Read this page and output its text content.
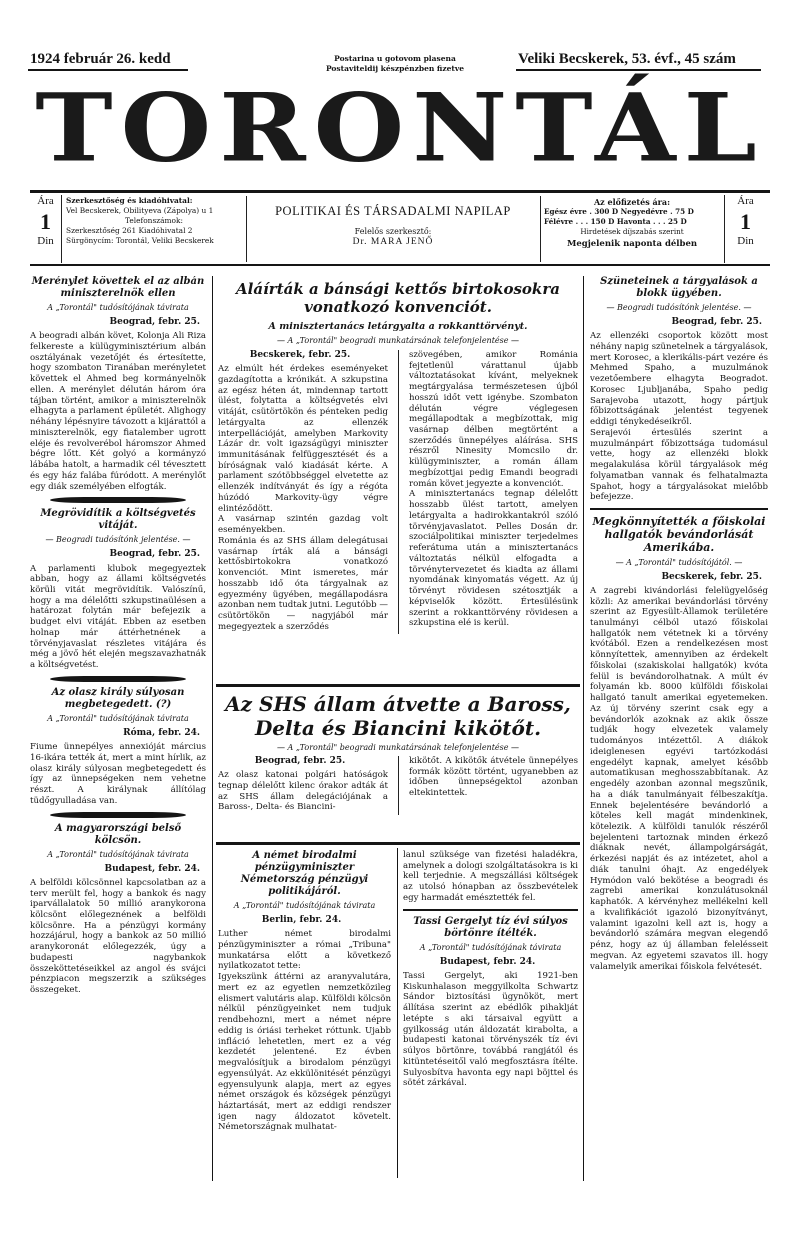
1924 február 26. kedd	Postarina u gotovom plasena
Postaviteldij készpénzben fizetve
Veliki Becskerek, 53. évf., 45 szám
TORONTÁL
Ára
1
Din
Szerkesztőség és kiadóhivatal:
Vel Becskerek, Obilityeva (Zápolya) u 1
Telefonszámok:
Szerkesztőség 261 Kiadóhivatal 2
Sürgönycím: Torontál, Veliki Becskerek
POLITIKAI ÉS TÁRSADALMI NAPILAP
Felelős szerkesztő:
Dr. MARA JENŐ
Az előfizetés ára:
Egész évre . 300 D Negyedévre . 75 D
Félévre . . . 150 D Havonta . . . 25 D
Hirdetések díjszabás szerint
Megjelenik naponta délben
Ára
1
Din
Merénylet követtek el az albán miniszterelnök ellen
A „Torontál" tudósítójának távirata
Beograd, febr. 25.

A beogradi albán követ, Kolonja Ali Riza felkereste a külügyminisztérium albán osztályának vezetőjét és értesítette, hogy szombaton Tiranában merényletet követtek el Ahmed beg kormányelnök ellen. A merénylet délután három óra tájban történt, amikor a miniszterelnök elhagyta a parlament épületét. Alighogy néhány lépésnyire távozott a kijárattól a miniszterelnök, egy fiatalember ugrott eléje és revolverébol háromszor Ahmed bégre lőtt. Két golyó a kormányzó lábába hatolt, a harmadik cél tévesztett és egy ház falába fúródott. A merénylőt egy diák személyében elfogták.

Megrövidítik a költségvetés vitáját.
— Beogradi tudósítónk jelentése. —
Beograd, febr. 25.

A parlamenti klubok megegyeztek abban, hogy az állami költségvetés körüli vitát megrövidítik. Valószínű, hogy a ma délelőtti szkupstinaülésen a határozat folytán már befejezik a budget elvi vitáját. Ebben az esetben holnap már áttérhetnének a törvényjavaslat részletes vitájára és még a jövő hét elején megszavazhatnák a költségvetést.

Az olasz király súlyosan megbetegedett. (?)
A „Torontál" tudósítójának távirata
Róma, febr. 24.

Fiume ünnepélyes annexióját március 16-ikára tették át, mert a mint hírlik, az olasz király súlyosan megbetegedett és így az ünnepségeken nem vehetne részt. A királynak állítólag tüdőgyulladása van.

A magyarországi belső kölcsön.
A „Torontál" tudósítójának távirata
Budapest, febr. 24.

A belföldi kölcsönnel kapcsolatban az a terv merült fel, hogy a bankok és nagy iparvállalatok 50 millió aranykorona kölcsönt előlegeznének a belföldi kölcsönre. Ha a pénzügyi kormány hozzájárul, hogy a bankok az 50 millió aranykoronát előlegezzék, úgy a budapesti nagybankok összeköttetéseikkel az angol és svájci pénzpiacon megszerzik a szükséges összegeket.

Aláírták a bánsági kettős birtokosokra vonatkozó konvenciót.
A minisztertanács letárgyalta a rokkanttörvényt.
— A „Torontál" beogradi munkatársának telefonjelentése —
Becskerek, febr. 25.

Az elmúlt hét érdekes eseményeket gazdagította a krónikát. A szkupstina az egész héten át, mindennap tartott ülést, folytatta a költségvetés elvi vitáját, csütörtökön és pénteken pedig letárgyalta az ellenzék interpellációját, amelyben Markovity Lázár dr. volt igazságügyi miniszter immunitásának felfüggesztését és a bíróságnak való kiadását kérte. A parlament szótöbbséggel elvetette az ellenzék indítványát és így a régóta húzódó Markovity-ügy végre elintéződött.
A vasárnap szintén gazdag volt eseményekben.
Románia és az SHS állam delegátusai vasárnap írták alá a bánsági kettősbirtokokra vonatkozó konvenciót. Mint ismeretes, már hosszabb idő óta tárgyalnak az egyezmény ügyében, megállapodásra azonban nem tudtak jutni. Legutóbb — csütörtökön — nagyjából már megegyeztek a szerződés

szövegében, amikor Románia fejtetlenül várattanul újabb változtatásokat kívánt, melyeknek megtárgyalása természetesen újból hosszú időt vett igénybe. Szombaton délután végre véglegesen megállapodtak a megbízottak, mig vasárnap délben megtörtént a szerződés ünnepélyes aláírása. SHS részről Ninesity Momcsilo dr. külügyminiszter, a román állam megbízottjai pedig Emandi beogradi román követ jegyezte a konvenciót.
A minisztertanács tegnap délelőtt hosszabb ülést tartott, amelyen letárgyalta a hadirokkantakról szóló törvényjavaslatot. Pelles Dosán dr. szociálpolitikai miniszter terjedelmes referátuma után a minisztertanács változtatás nélkül elfogadta a törvénytervezetet és kiadta az állami nyomdának kinyomatás végett. Az új törvényt rövidesen szétosztják a képviselők között. Értesülésünk szerint a rokkanttörvény rövidesen a szkupstina elé is kerül.

Az SHS állam átvette a Baross, Delta és Biancini kikötőt.
— A „Torontál" beogradi munkatársának telefonjelentése —
Beograd, febr. 25.

Az olasz katonai polgári hatóságok tegnap délelőtt kilenc órakor adták át az SHS állam delegációjának a Baross-, Delta- és Biancini-

kikötőt. A kikötők átvétele ünnepélyes formák között történt, ugyanebben az időben ünnepségektol azonban eltekintettek.

A német birodalmi pénzügyminiszter Németország pénzügyi politikájáról.
A „Torontál" tudósítójának távirata
Berlin, febr. 24.

Luther német birodalmi pénzügyminiszter a római „Tribuna" munkatársa előtt a következő nyilatkozatot tette:
Igyekszünk áttérni az aranyvalutára, mert ez az egyetlen nemzetközileg elismert valutáris alap. Külföldi kölcsön nélkül pénzügyeinket nem tudjuk rendbehozni, mert a német népre eddig is óriási terheket róttunk. Ujabb infláció lehetetlen, mert ez a vég kezdetét jelentené. Ez évben megvalósítjuk a birodalom pénzügyi egyensúlyát. Az ekkülönitését pénzügyi egyensulyunk alapja, mert az egyes német országok és községek pénzügyi háztartását, mert az eddigi rendszer igen nagy áldozatot követelt. Németországnak mulhatat-

lanul szüksége van fizetési haladékra, amelynek a dologi szolgáltatásokra is ki kell terjednie. A megszállási költségek az utolsó hónapban az összbevételek egy harmadát emésztették fel.

Tassi Gergelyt tíz évi súlyos börtönre ítélték.
A „Torontál" tudósítójának távirata
Budapest, febr. 24.

Tassi Gergelyt, aki 1921-ben Kiskunhalason meggyilkolta Schwartz Sándor biztosítási ügynököt, mert állítása szerint az ebédlők pihaklját letépte s aki társaival együtt a gyilkosság után áldozatát kirabolta, a budapesti katonai törvényszék tíz évi súlyos börtönre, továbbá rangjától és kitüntetéseitől való megfosztásra ítélte. Sulyosbítva havonta egy napi böjttel és sötét zárkával.

Szüneteinek a tárgyalások a blokk ügyében.
— Beogradi tudósítónk jelentése. —
Beograd, febr. 25.

Az ellenzéki csoportok között most néhány napig szünetelnek a tárgyalások, mert Korosec, a klerikális-párt vezére és Mehmed Spaho, a muzulmánok vezetőembere elhagyta Beogradot. Korosec Ljubljanába, Spaho pedig Sarajevoba utazott, hogy pártjuk főbizottságának jelentést tegyenek eddigi ténykedéseikről.
Serajevói értesülés szerint a muzulmánpárt főbizottsága tudomásul vette, hogy az ellenzéki blokk megalakulása körül tárgyalások még folyamatban vannak és felhatalmazta Spahot, hogy a tárgyalásokat mielőbb befejezze.

Megkönnyítették a főiskolai hallgatók bevándorlását Amerikába.
— A „Torontál" tudósítójától. —
Becskerek, febr. 25.

A zagrebi kivándorlási felelügyelőség közli: Az amerikai bevándorlási törvény szerint az Egyesült-Államok területére tanulmányi célból utazó főiskolai hallgatók nem vétetnek ki a törvény kvótából. Ezen a rendelkezésen most könnyítettek, amennyiben az érdekelt főiskolai (szakiskolai hallgatók) kvóta felül is bevándorolhatnak. A múlt év folyamán kb. 8000 külföldi főiskolai hallgató tanult amerikai egyetemeken. Az új törvény szerint csak egy a bevándorlók azoknak az akik össze tudják hogy elvezetek valamely tudományos intézettől. A diákok ideiglenesen egyévi tartózkodási engedélyt kapnak, amelyet később automatikusan meghosszabbítanak. Az engedély azonban azonnal megszűnik, ha a diák tanulmányait félbeszakítja. Ennek bejelentésére bevándorló a köteles kell magát mindenkinek, kötelezik. A külföldi tanulók részéről bejelenteni tartoznak minden érkező diáknak nevét, állampolgárságát, érkezési napját és az intézetet, ahol a diák tanulni óhajt. Az engedélyek Hymódon való bekötése a beogradi és zagrebi amerikai konzulátusoknál kaphatók. A kérvényhez mellékelni kell a kvalifikációt igazoló bizonyítványt, valamint igazolni kell azt is, hogy a bevándorló számára megvan elegendő pénz, hogy az új államban felelésseit megvan. Az egyetemi szavatos ill. hogy valamelyik amerikai főiskola felvétesét.
